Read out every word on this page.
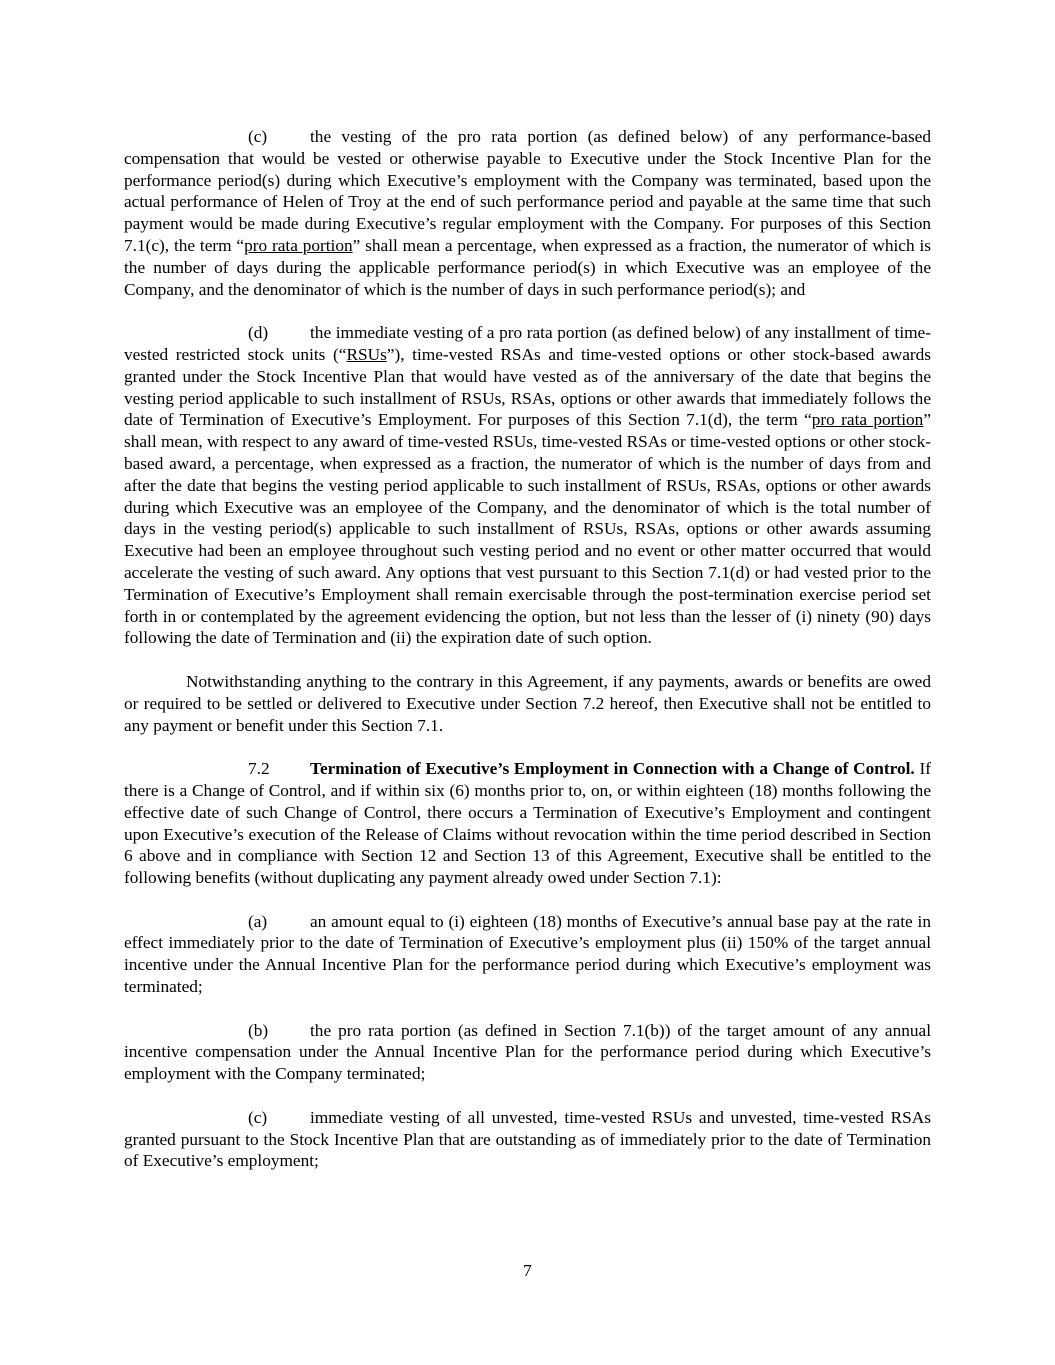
(c) the vesting of the pro rata portion (as defined below) of any performance-based compensation that would be vested or otherwise payable to Executive under the Stock Incentive Plan for the performance period(s) during which Executive’s employment with the Company was terminated, based upon the actual performance of Helen of Troy at the end of such performance period and payable at the same time that such payment would be made during Executive’s regular employment with the Company. For purposes of this Section 7.1(c), the term “pro rata portion” shall mean a percentage, when expressed as a fraction, the numerator of which is the number of days during the applicable performance period(s) in which Executive was an employee of the Company, and the denominator of which is the number of days in such performance period(s); and

(d) the immediate vesting of a pro rata portion (as defined below) of any installment of time-vested restricted stock units (“RSUs”), time-vested RSAs and time-vested options or other stock-based awards granted under the Stock Incentive Plan that would have vested as of the anniversary of the date that begins the vesting period applicable to such installment of RSUs, RSAs, options or other awards that immediately follows the date of Termination of Executive’s Employment. For purposes of this Section 7.1(d), the term “pro rata portion” shall mean, with respect to any award of time-vested RSUs, time-vested RSAs or time-vested options or other stock-based award, a percentage, when expressed as a fraction, the numerator of which is the number of days from and after the date that begins the vesting period applicable to such installment of RSUs, RSAs, options or other awards during which Executive was an employee of the Company, and the denominator of which is the total number of days in the vesting period(s) applicable to such installment of RSUs, RSAs, options or other awards assuming Executive had been an employee throughout such vesting period and no event or other matter occurred that would accelerate the vesting of such award. Any options that vest pursuant to this Section 7.1(d) or had vested prior to the Termination of Executive’s Employment shall remain exercisable through the post-termination exercise period set forth in or contemplated by the agreement evidencing the option, but not less than the lesser of (i) ninety (90) days following the date of Termination and (ii) the expiration date of such option.

Notwithstanding anything to the contrary in this Agreement, if any payments, awards or benefits are owed or required to be settled or delivered to Executive under Section 7.2 hereof, then Executive shall not be entitled to any payment or benefit under this Section 7.1.

7.2 Termination of Executive’s Employment in Connection with a Change of Control. If there is a Change of Control, and if within six (6) months prior to, on, or within eighteen (18) months following the effective date of such Change of Control, there occurs a Termination of Executive’s Employment and contingent upon Executive’s execution of the Release of Claims without revocation within the time period described in Section 6 above and in compliance with Section 12 and Section 13 of this Agreement, Executive shall be entitled to the following benefits (without duplicating any payment already owed under Section 7.1):

(a) an amount equal to (i) eighteen (18) months of Executive’s annual base pay at the rate in effect immediately prior to the date of Termination of Executive’s employment plus (ii) 150% of the target annual incentive under the Annual Incentive Plan for the performance period during which Executive’s employment was terminated;

(b) the pro rata portion (as defined in Section 7.1(b)) of the target amount of any annual incentive compensation under the Annual Incentive Plan for the performance period during which Executive’s employment with the Company terminated;

(c) immediate vesting of all unvested, time-vested RSUs and unvested, time-vested RSAs granted pursuant to the Stock Incentive Plan that are outstanding as of immediately prior to the date of Termination of Executive’s employment;

7
